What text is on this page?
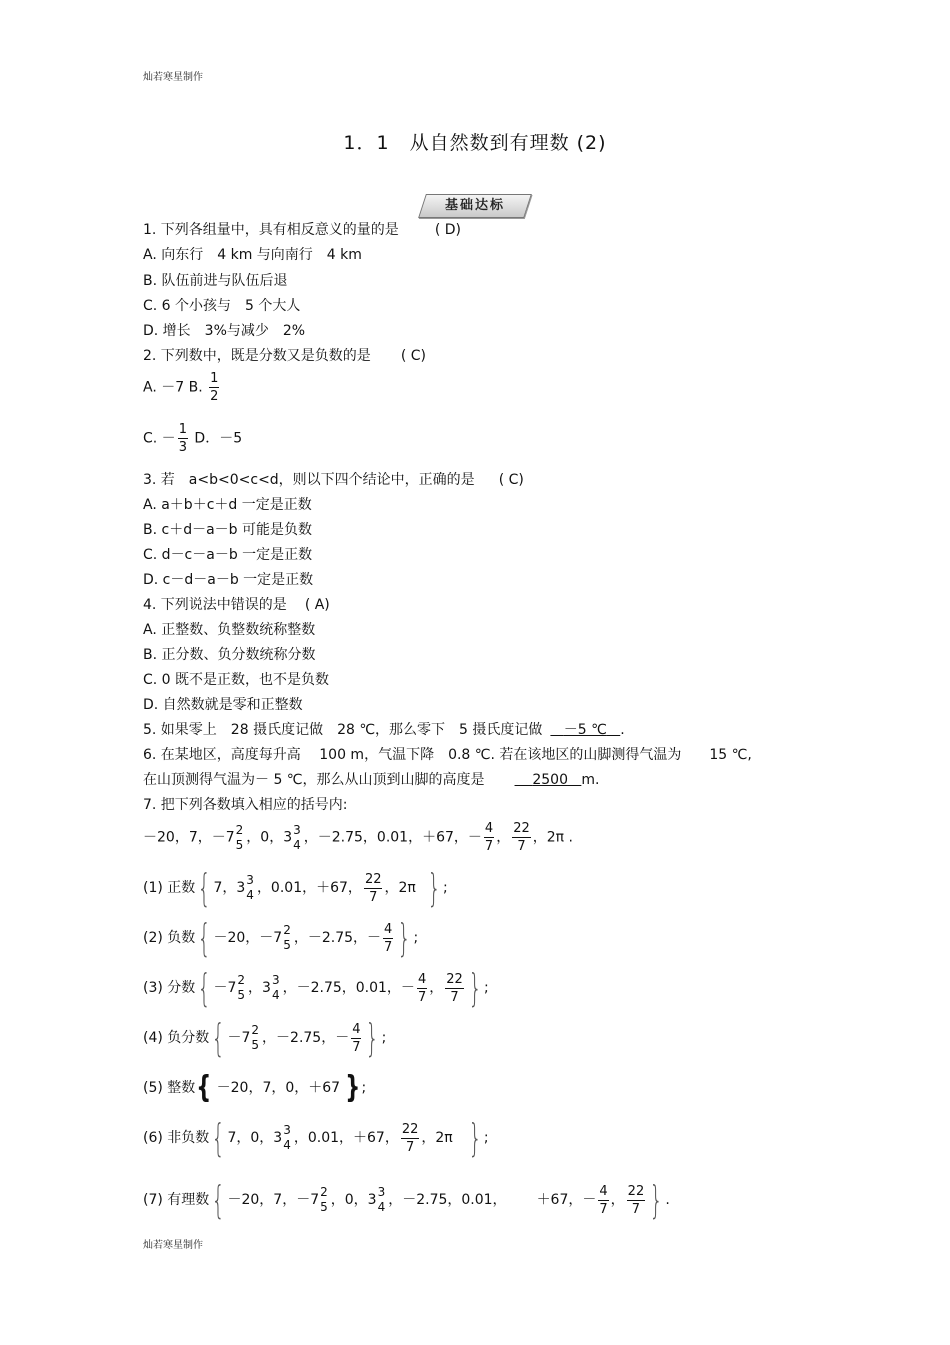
灿若寒星制作
1．1　从自然数到有理数 (2)
基础达标
1. 下列各组量中，具有相反意义的量的是	( D)
A. 向东行　4 km 与向南行　4 km
B. 队伍前进与队伍后退
C. 6 个小孩与　5 个大人
D. 增长　3%与减少　2%
2. 下列数中，既是分数又是负数的是 ( C)
A. －7 B. $\frac{1}{2}$
C. － $\frac{1}{3}$ D．－5
3. 若　a<b<0<c<d，则以下四个结论中，正确的是 ( C)
A. a＋b＋c＋d 一定是正数
B. c＋d－a－b 可能是负数
C. d－c－a－b 一定是正数
D. c－d－a－b 一定是正数
4. 下列说法中错误的是 ( A)
A. 正整数、负整数统称整数
B. 正分数、负分数统称分数
C. 0 既不是正数，也不是负数
D. 自然数就是零和正整数
5. 如果零上　28 摄氏度记做　28 ℃，那么零下　5 摄氏度记做 －5 ℃ .
6. 在某地区，高度每升高　 100 m，气温下降　0.8 ℃. 若在该地区的山脚测得气温为　　15 ℃,
在山顶测得气温为－ 5 ℃，那么从山顶到山脚的高度是	2500 m.
7. 把下列各数填入相应的括号内:
－20，7，－7 2
5 ，0，3 3
4 ，－2.75，0.01，＋67，－ $\frac{4}{7}$ ， $\frac{22}{7}$ ，2π .
(1) 正数{ 7，3 3
4 ，0.01，＋67， $\frac{22}{7}$ ，2π } ;
(2) 负数{ －20，－7 2
5 ，－2.75，－ $\frac{4}{7}$ } ;
(3) 分数{ －7 2
5 ，3 3
4 ，－2.75，0.01，－ $\frac{4}{7}$ ， $\frac{22}{7}$ } ;
(4) 负分数{ －7 2
5 ，－2.75，－ $\frac{4}{7}$ } ;
(5) 整数{ －20，7，0，＋67 };
(6) 非负数{ 7，0，3 3
4 ，0.01，＋67， $\frac{22}{7}$ ，2π } ;
(7) 有理数{ －20，7，－7 2
5 ，0，3 3
4 ，－2.75，0.01， ＋67，－ $\frac{4}{7}$ ， $\frac{22}{7}$ } .
灿若寒星制作
